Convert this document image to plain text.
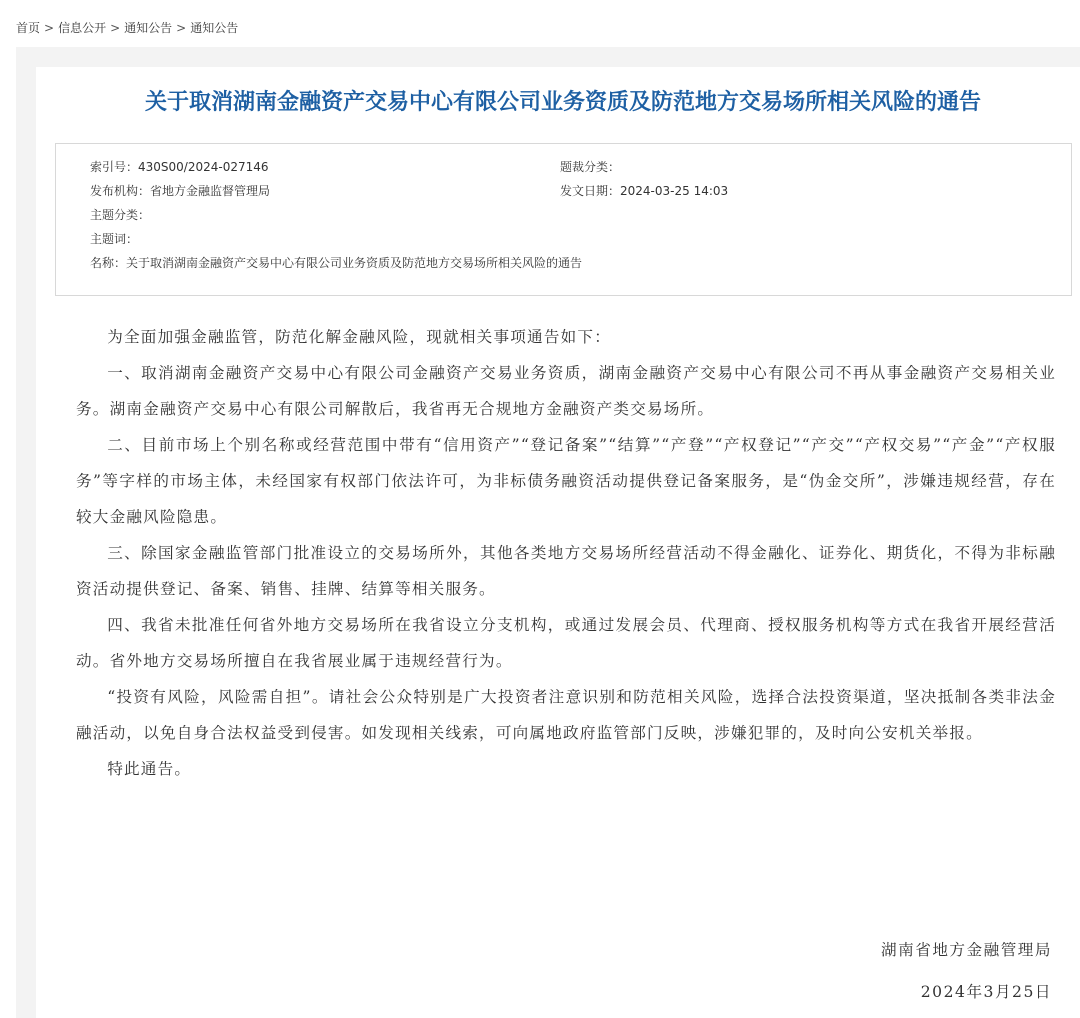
首页 > 信息公开 > 通知公告 > 通知公告
关于取消湖南金融资产交易中心有限公司业务资质及防范地方交易场所相关风险的通告
索引号：430S00/2024-027146	题裁分类：
发布机构：省地方金融监督管理局	发文日期：2024-03-25 14:03
主题分类：
主题词：
名称：关于取消湖南金融资产交易中心有限公司业务资质及防范地方交易场所相关风险的通告

为全面加强金融监管，防范化解金融风险，现就相关事项通告如下：

一、取消湖南金融资产交易中心有限公司金融资产交易业务资质，湖南金融资产交易中心有限公司不再从事金融资产交易相关业务。湖南金融资产交易中心有限公司解散后，我省再无合规地方金融资产类交易场所。

二、目前市场上个别名称或经营范围中带有“信用资产”“登记备案”“结算”“产登”“产权登记”“产交”“产权交易”“产金”“产权服务”等字样的市场主体，未经国家有权部门依法许可，为非标债务融资活动提供登记备案服务，是“伪金交所”，涉嫌违规经营，存在较大金融风险隐患。

三、除国家金融监管部门批准设立的交易场所外，其他各类地方交易场所经营活动不得金融化、证券化、期货化，不得为非标融资活动提供登记、备案、销售、挂牌、结算等相关服务。

四、我省未批准任何省外地方交易场所在我省设立分支机构，或通过发展会员、代理商、授权服务机构等方式在我省开展经营活动。省外地方交易场所擅自在我省展业属于违规经营行为。

“投资有风险，风险需自担”。请社会公众特别是广大投资者注意识别和防范相关风险，选择合法投资渠道，坚决抵制各类非法金融活动，以免自身合法权益受到侵害。如发现相关线索，可向属地政府监管部门反映，涉嫌犯罪的，及时向公安机关举报。

特此通告。

湖南省地方金融管理局
2024年3月25日
